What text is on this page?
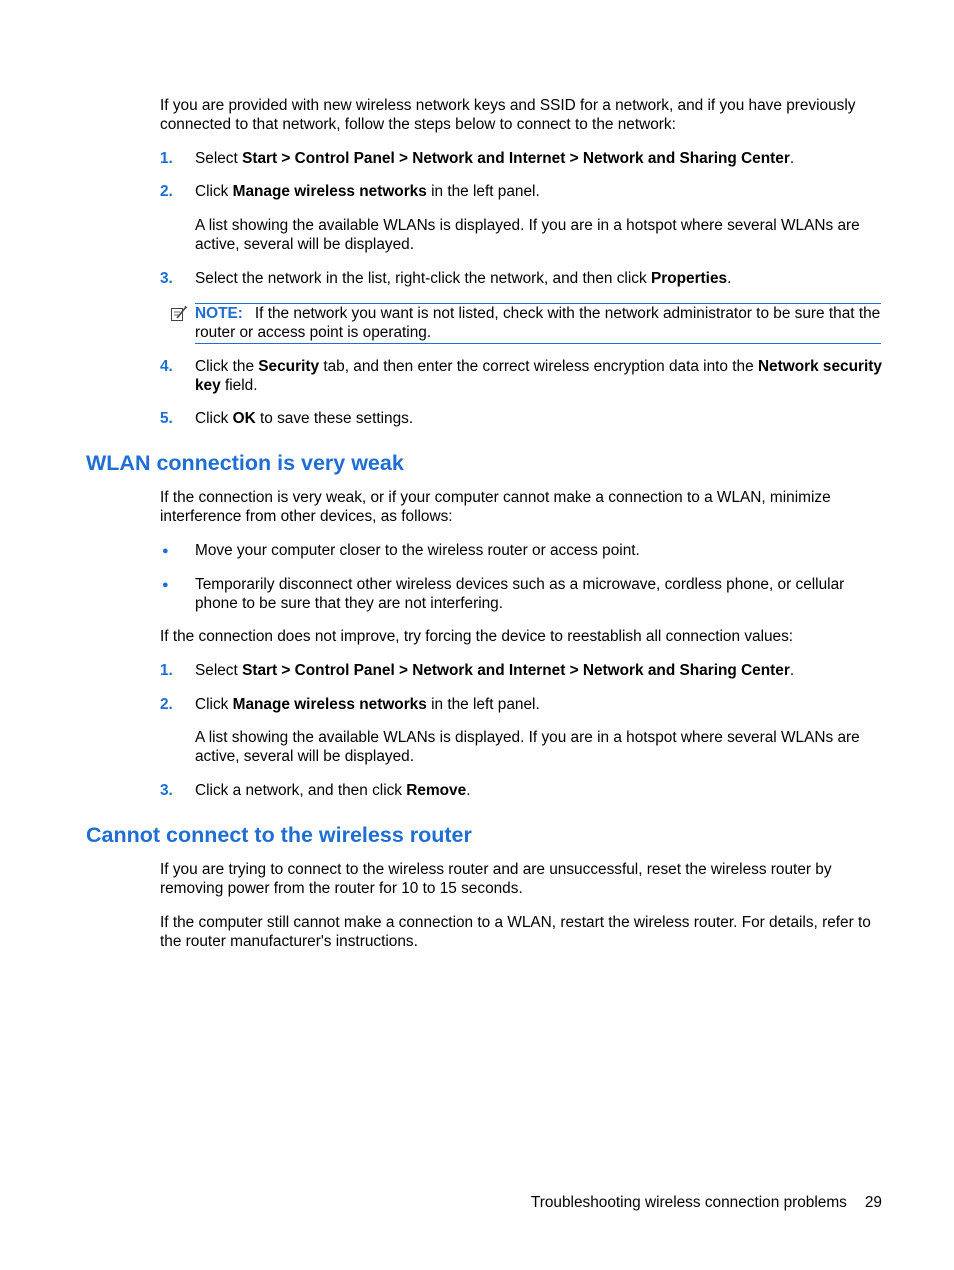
If you are provided with new wireless network keys and SSID for a network, and if you have previously connected to that network, follow the steps below to connect to the network:

1. Select Start > Control Panel > Network and Internet > Network and Sharing Center.

2. Click Manage wireless networks in the left panel.

A list showing the available WLANs is displayed. If you are in a hotspot where several WLANs are active, several will be displayed.

3. Select the network in the list, right-click the network, and then click Properties.

NOTE: If the network you want is not listed, check with the network administrator to be sure that the router or access point is operating.
4. Click the Security tab, and then enter the correct wireless encryption data into the Network security key field.

5. Click OK to save these settings.

WLAN connection is very weak

If the connection is very weak, or if your computer cannot make a connection to a WLAN, minimize interference from other devices, as follows:

● Move your computer closer to the wireless router or access point.

● Temporarily disconnect other wireless devices such as a microwave, cordless phone, or cellular phone to be sure that they are not interfering.

If the connection does not improve, try forcing the device to reestablish all connection values:

1. Select Start > Control Panel > Network and Internet > Network and Sharing Center.

2. Click Manage wireless networks in the left panel.

A list showing the available WLANs is displayed. If you are in a hotspot where several WLANs are active, several will be displayed.

3. Click a network, and then click Remove.

Cannot connect to the wireless router

If you are trying to connect to the wireless router and are unsuccessful, reset the wireless router by removing power from the router for 10 to 15 seconds.

If the computer still cannot make a connection to a WLAN, restart the wireless router. For details, refer to the router manufacturer's instructions.

Troubleshooting wireless connection problems 29
